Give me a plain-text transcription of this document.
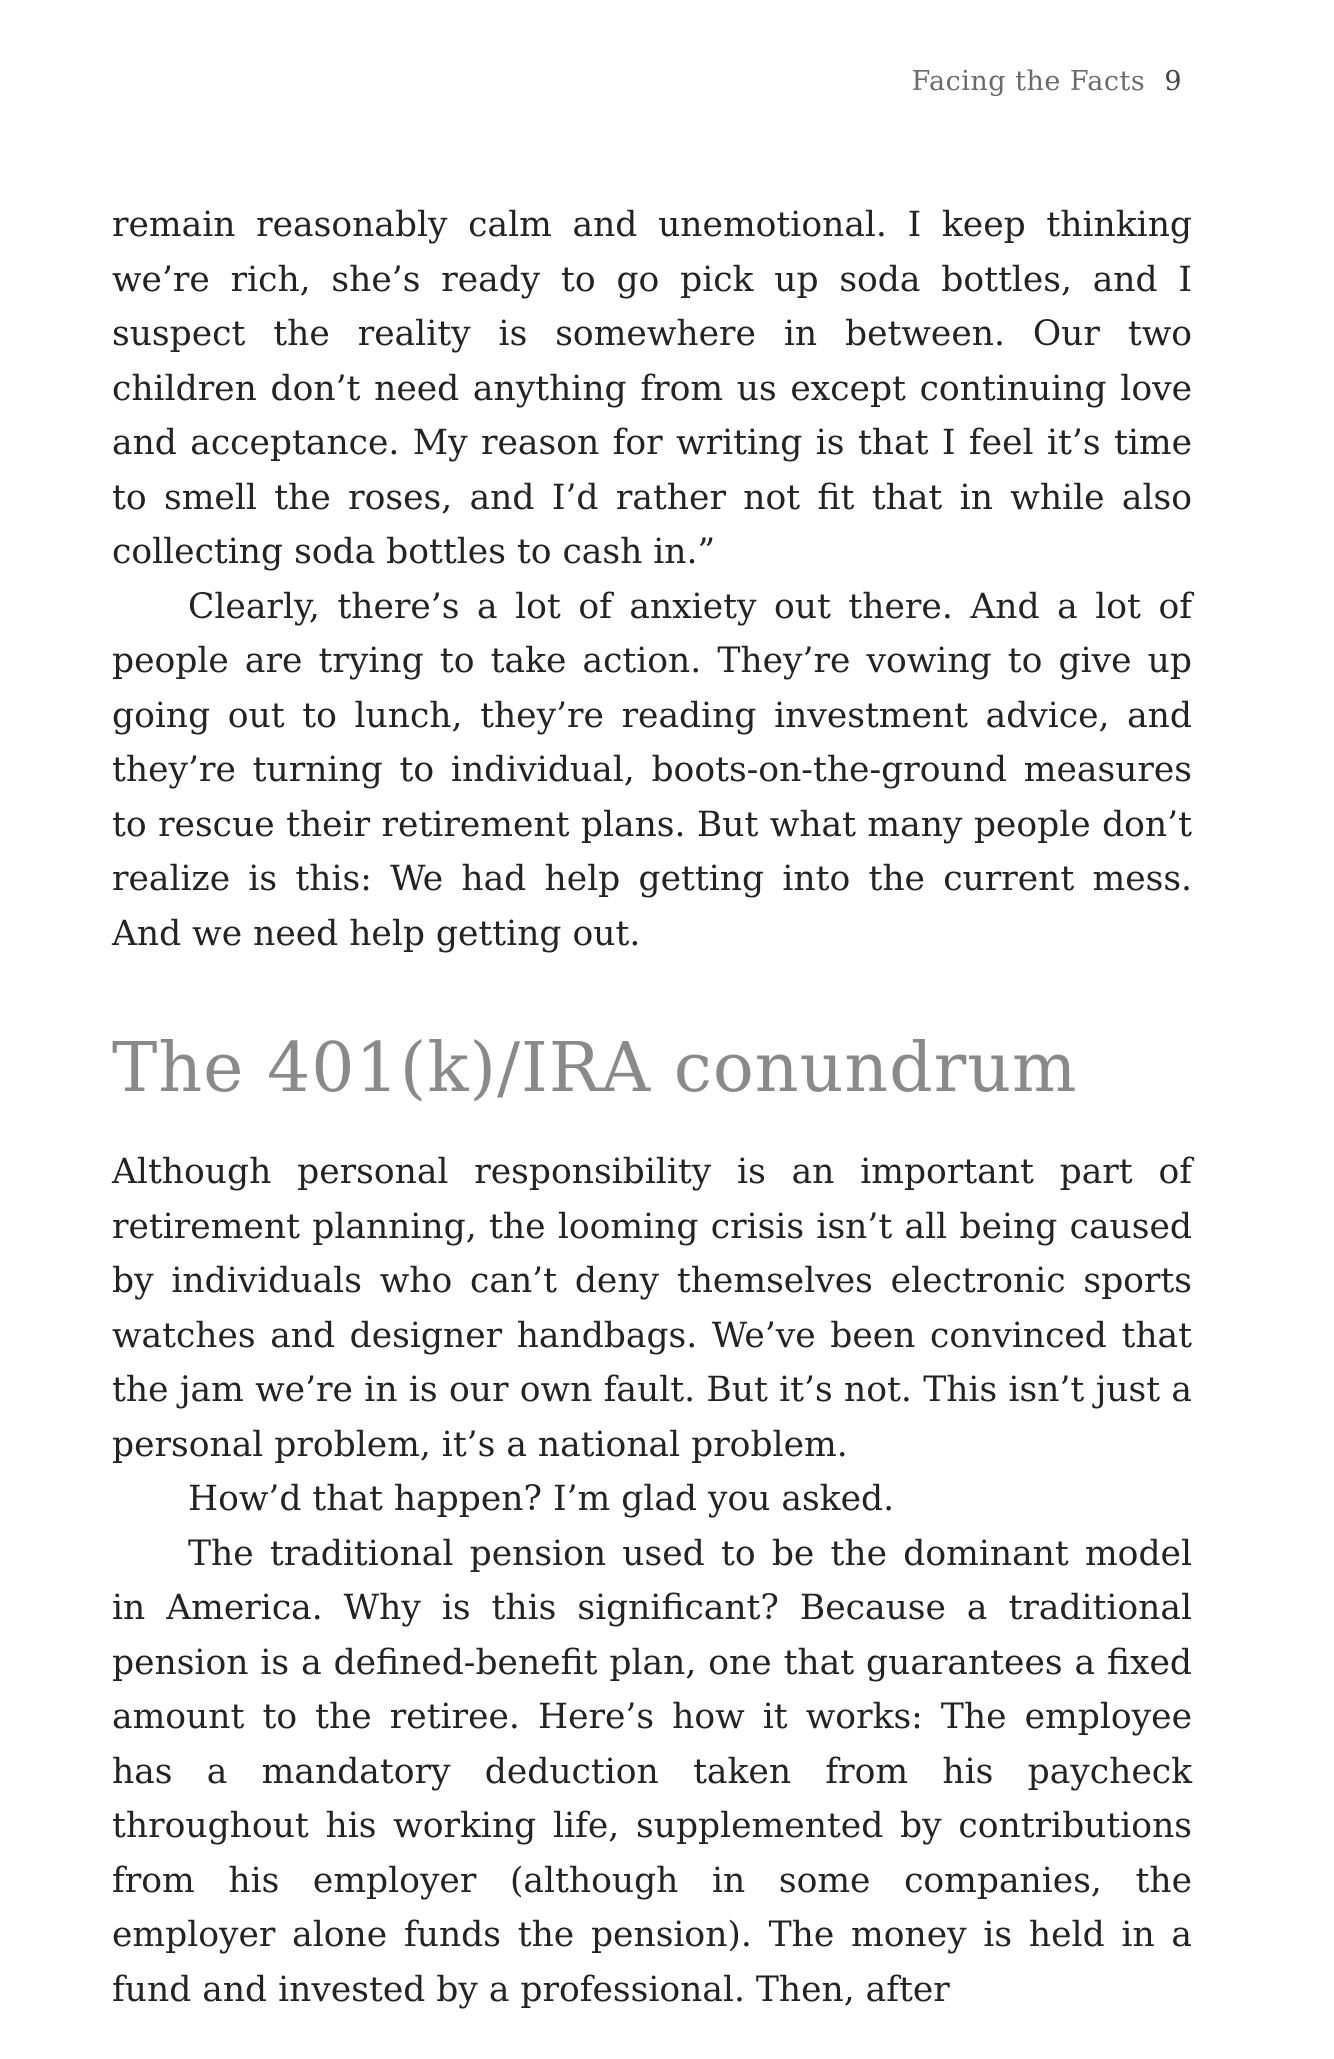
Facing the Facts 9

remain reasonably calm and unemotional. I keep thinking we’re rich, she’s ready to go pick up soda bottles, and I suspect the reality is somewhere in between. Our two children don’t need anything from us except continuing love and acceptance. My reason for writing is that I feel it’s time to smell the roses, and I’d rather not fit that in while also collecting soda bottles to cash in.”

Clearly, there’s a lot of anxiety out there. And a lot of people are trying to take action. They’re vowing to give up going out to lunch, they’re reading investment advice, and they’re turning to individual, boots-on-the-ground measures to rescue their retirement plans. But what many people don’t realize is this: We had help getting into the current mess. And we need help getting out.

The 401(k)/IRA conundrum

Although personal responsibility is an important part of retirement planning, the looming crisis isn’t all being caused by individuals who can’t deny themselves electronic sports watches and designer handbags. We’ve been convinced that the jam we’re in is our own fault. But it’s not. This isn’t just a personal problem, it’s a national problem.

How’d that happen? I’m glad you asked.

The traditional pension used to be the dominant model in America. Why is this significant? Because a traditional pension is a defined-benefit plan, one that guarantees a fixed amount to the retiree. Here’s how it works: The employee has a mandatory deduction taken from his paycheck throughout his working life, supplemented by contributions from his employer (although in some companies, the employer alone funds the pension). The money is held in a fund and invested by a professional. Then, after
